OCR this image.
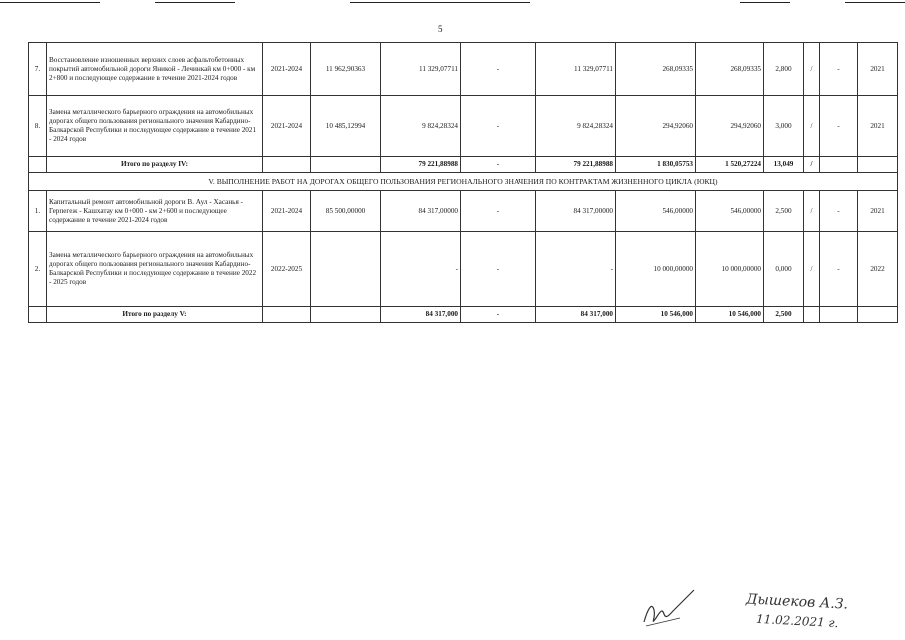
5
7.	Восстановление изношенных верхних слоев асфальтобетонных покрытий автомобильной дороги Яникой - Лечинкай км 0+000 - км 2+800 и последующее содержание в течение 2021-2024 годов	2021-2024	11 962,90363	11 329,07711	-	11 329,07711	268,09335	268,09335	2,800	/	-	2021
8.	Замена металлического барьерного ограждения на автомобильных дорогах общего пользования регионального значения Кабардино-Балкарской Республики и последующее содержание в течение 2021 - 2024 годов	2021-2024	10 485,12994	9 824,28324	-	9 824,28324	294,92060	294,92060	3,000	/	-	2021
	Итого по разделу IV:			79 221,88988	-	79 221,88988	1 830,05753	1 520,27224	13,049	/		
V. ВЫПОЛНЕНИЕ РАБОТ НА ДОРОГАХ ОБЩЕГО ПОЛЬЗОВАНИЯ РЕГИОНАЛЬНОГО ЗНАЧЕНИЯ ПО КОНТРАКТАМ ЖИЗНЕННОГО ЦИКЛА (ЮКЦ)												
1.	Капитальный ремонт автомобильной дороги В. Аул - Хасанья - Герпегеж - Кашхатау км 0+000 - км 2+600 и последующее содержание в течение 2021-2024 годов	2021-2024	85 500,00000	84 317,00000	-	84 317,00000	546,00000	546,00000	2,500	/	-	2021
2.	Замена металлического барьерного ограждения на автомобильных дорогах общего пользования регионального значения Кабардино-Балкарской Республики и последующее содержание в течение 2022 - 2025 годов	2022-2025		-	-	-	10 000,00000	10 000,00000	0,000	/	-	2022
	Итого по разделу V:			84 317,000	-	84 317,000	10 546,000	10 546,000	2,500			
Дышеков А.З.
11.02.2021 г.
